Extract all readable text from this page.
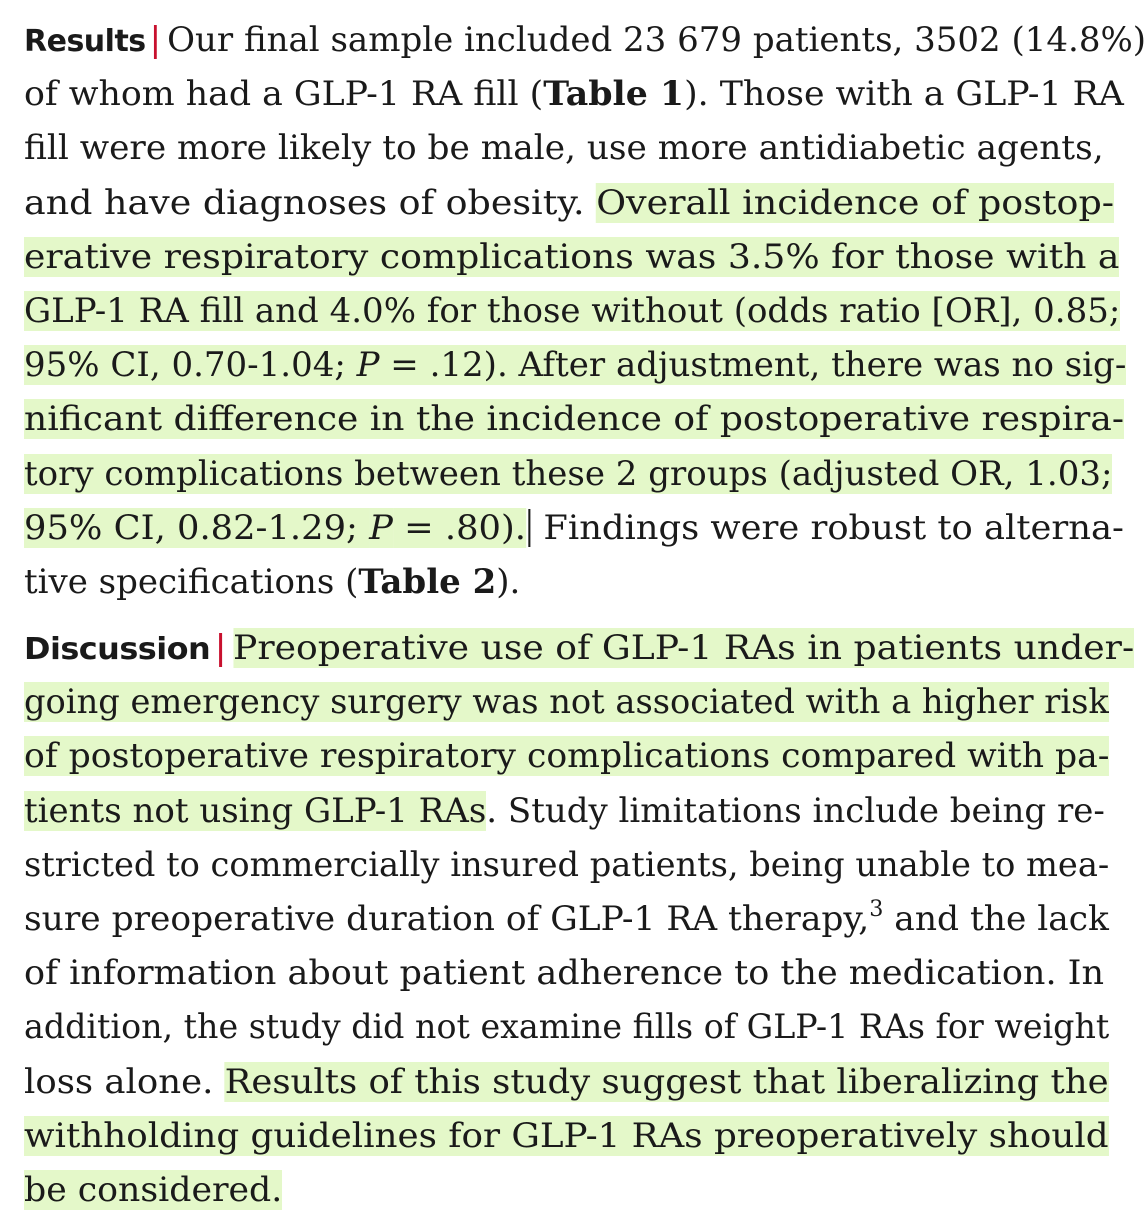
Results | Our final sample included 23 679 patients, 3502 (14.8%)
of whom had a GLP-1 RA fill (Table 1). Those with a GLP-1 RA
fill were more likely to be male, use more antidiabetic agents,
and have diagnoses of obesity. Overall incidence of postop-
erative respiratory complications was 3.5% for those with a
GLP-1 RA fill and 4.0% for those without (odds ratio [OR], 0.85;
95% CI, 0.70-1.04; P = .12). After adjustment, there was no sig-
nificant difference in the incidence of postoperative respira-
tory complications between these 2 groups (adjusted OR, 1.03;
95% CI, 0.82-1.29; P = .80). Findings were robust to alterna-
tive specifications (Table 2).
Discussion | Preoperative use of GLP-1 RAs in patients under-
going emergency surgery was not associated with a higher risk
of postoperative respiratory complications compared with pa-
tients not using GLP-1 RAs. Study limitations include being re-
stricted to commercially insured patients, being unable to mea-
sure preoperative duration of GLP-1 RA therapy,$^3$ and the lack
of information about patient adherence to the medication. In
addition, the study did not examine fills of GLP-1 RAs for weight
loss alone. Results of this study suggest that liberalizing the
withholding guidelines for GLP-1 RAs preoperatively should
be considered.
